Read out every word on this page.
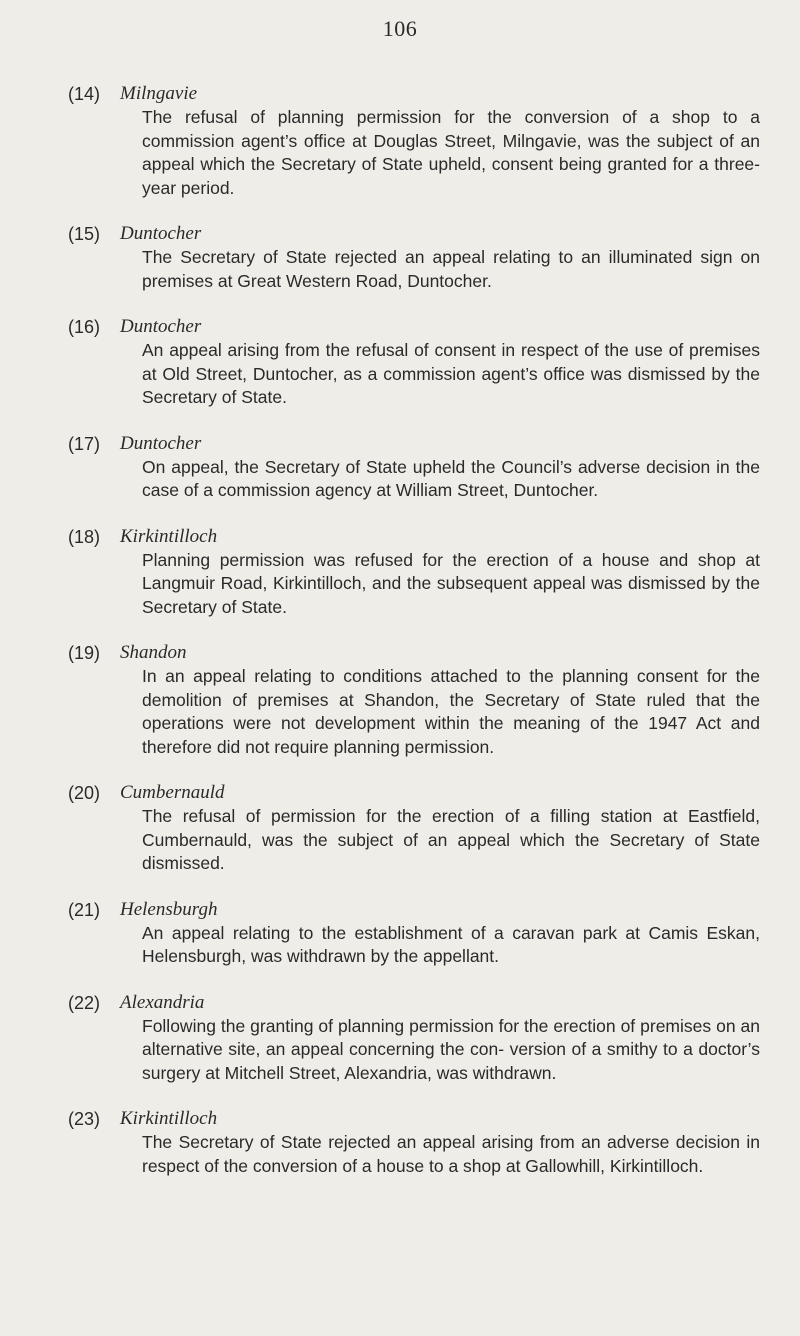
106
(14)	Milngavie

The refusal of planning permission for the conversion of a shop to a commission agent’s office at Douglas Street, Milngavie, was the subject of an appeal which the Secretary of State upheld, consent being granted for a three-year period.

(15)	Duntocher

The Secretary of State rejected an appeal relating to an illuminated sign on premises at Great Western Road, Duntocher.

(16)	Duntocher

An appeal arising from the refusal of consent in respect of the use of premises at Old Street, Duntocher, as a commission agent’s office was dismissed by the Secretary of State.

(17)	Duntocher

On appeal, the Secretary of State upheld the Council’s adverse decision in the case of a commission agency at William Street, Duntocher.

(18)	Kirkintilloch

Planning permission was refused for the erection of a house and shop at Langmuir Road, Kirkintilloch, and the subsequent appeal was dismissed by the Secretary of State.

(19)	Shandon

In an appeal relating to conditions attached to the planning consent for the demolition of premises at Shandon, the Secretary of State ruled that the operations were not development within the meaning of the 1947 Act and therefore did not require planning permission.

(20)	Cumbernauld

The refusal of permission for the erection of a filling station at Eastfield, Cumbernauld, was the subject of an appeal which the Secretary of State dismissed.

(21)	Helensburgh

An appeal relating to the establishment of a caravan park at Camis Eskan, Helensburgh, was withdrawn by the appellant.

(22)	Alexandria

Following the granting of planning permission for the erection of premises on an alternative site, an appeal concerning the con- version of a smithy to a doctor’s surgery at Mitchell Street, Alexandria, was withdrawn.

(23)	Kirkintilloch

The Secretary of State rejected an appeal arising from an adverse decision in respect of the conversion of a house to a shop at Gallowhill, Kirkintilloch.
